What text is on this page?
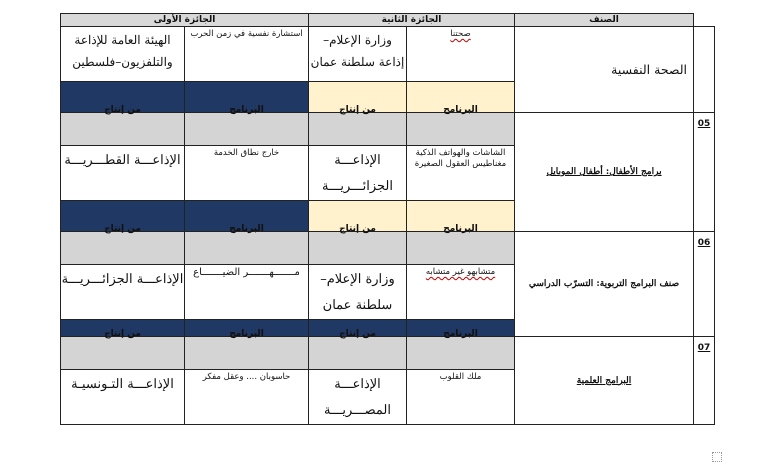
الجائزة الأولى		الجائزة الثانية		الصنف	
الهيئة العامة للإذاعة والتلفزيون–فلسطين	استشارة نفسية في زمن الحرب	وزارة الإعلام– إذاعة سلطنة عمان	صحتنا	الصحة النفسية	

من إنتاج	البرنامج	من إنتاج	البرنامج	برامج الأطفال: أطفال الموبايل	05
الإذاعـــة القطـــريـــة	خارج نطاق الخدمة	الإذاعـــة الجزائـــريـــة	الشاشات والهواتف الذكية مغناطيس العقول الصغيرة		

من إنتاج	البرنامج	من إنتاج	البرنامج	صنف البرامج التربوية: التسرّب الدراسي	06
الإذاعـــة الجزائـــريـــة	مـــــــهـــــــر الضيـــــــاع	وزارة الإعلام– سلطنة عمان	متشابهو غير متشابه		

من إنتاج	البرنامج	من إنتاج	البرنامج	البرامج العلمية	07
الإذاعـــة التـونسيـة	حاسوبان .... وعقل مفكر	الإذاعـــة المصـــريـــة	ملك القلوب		
